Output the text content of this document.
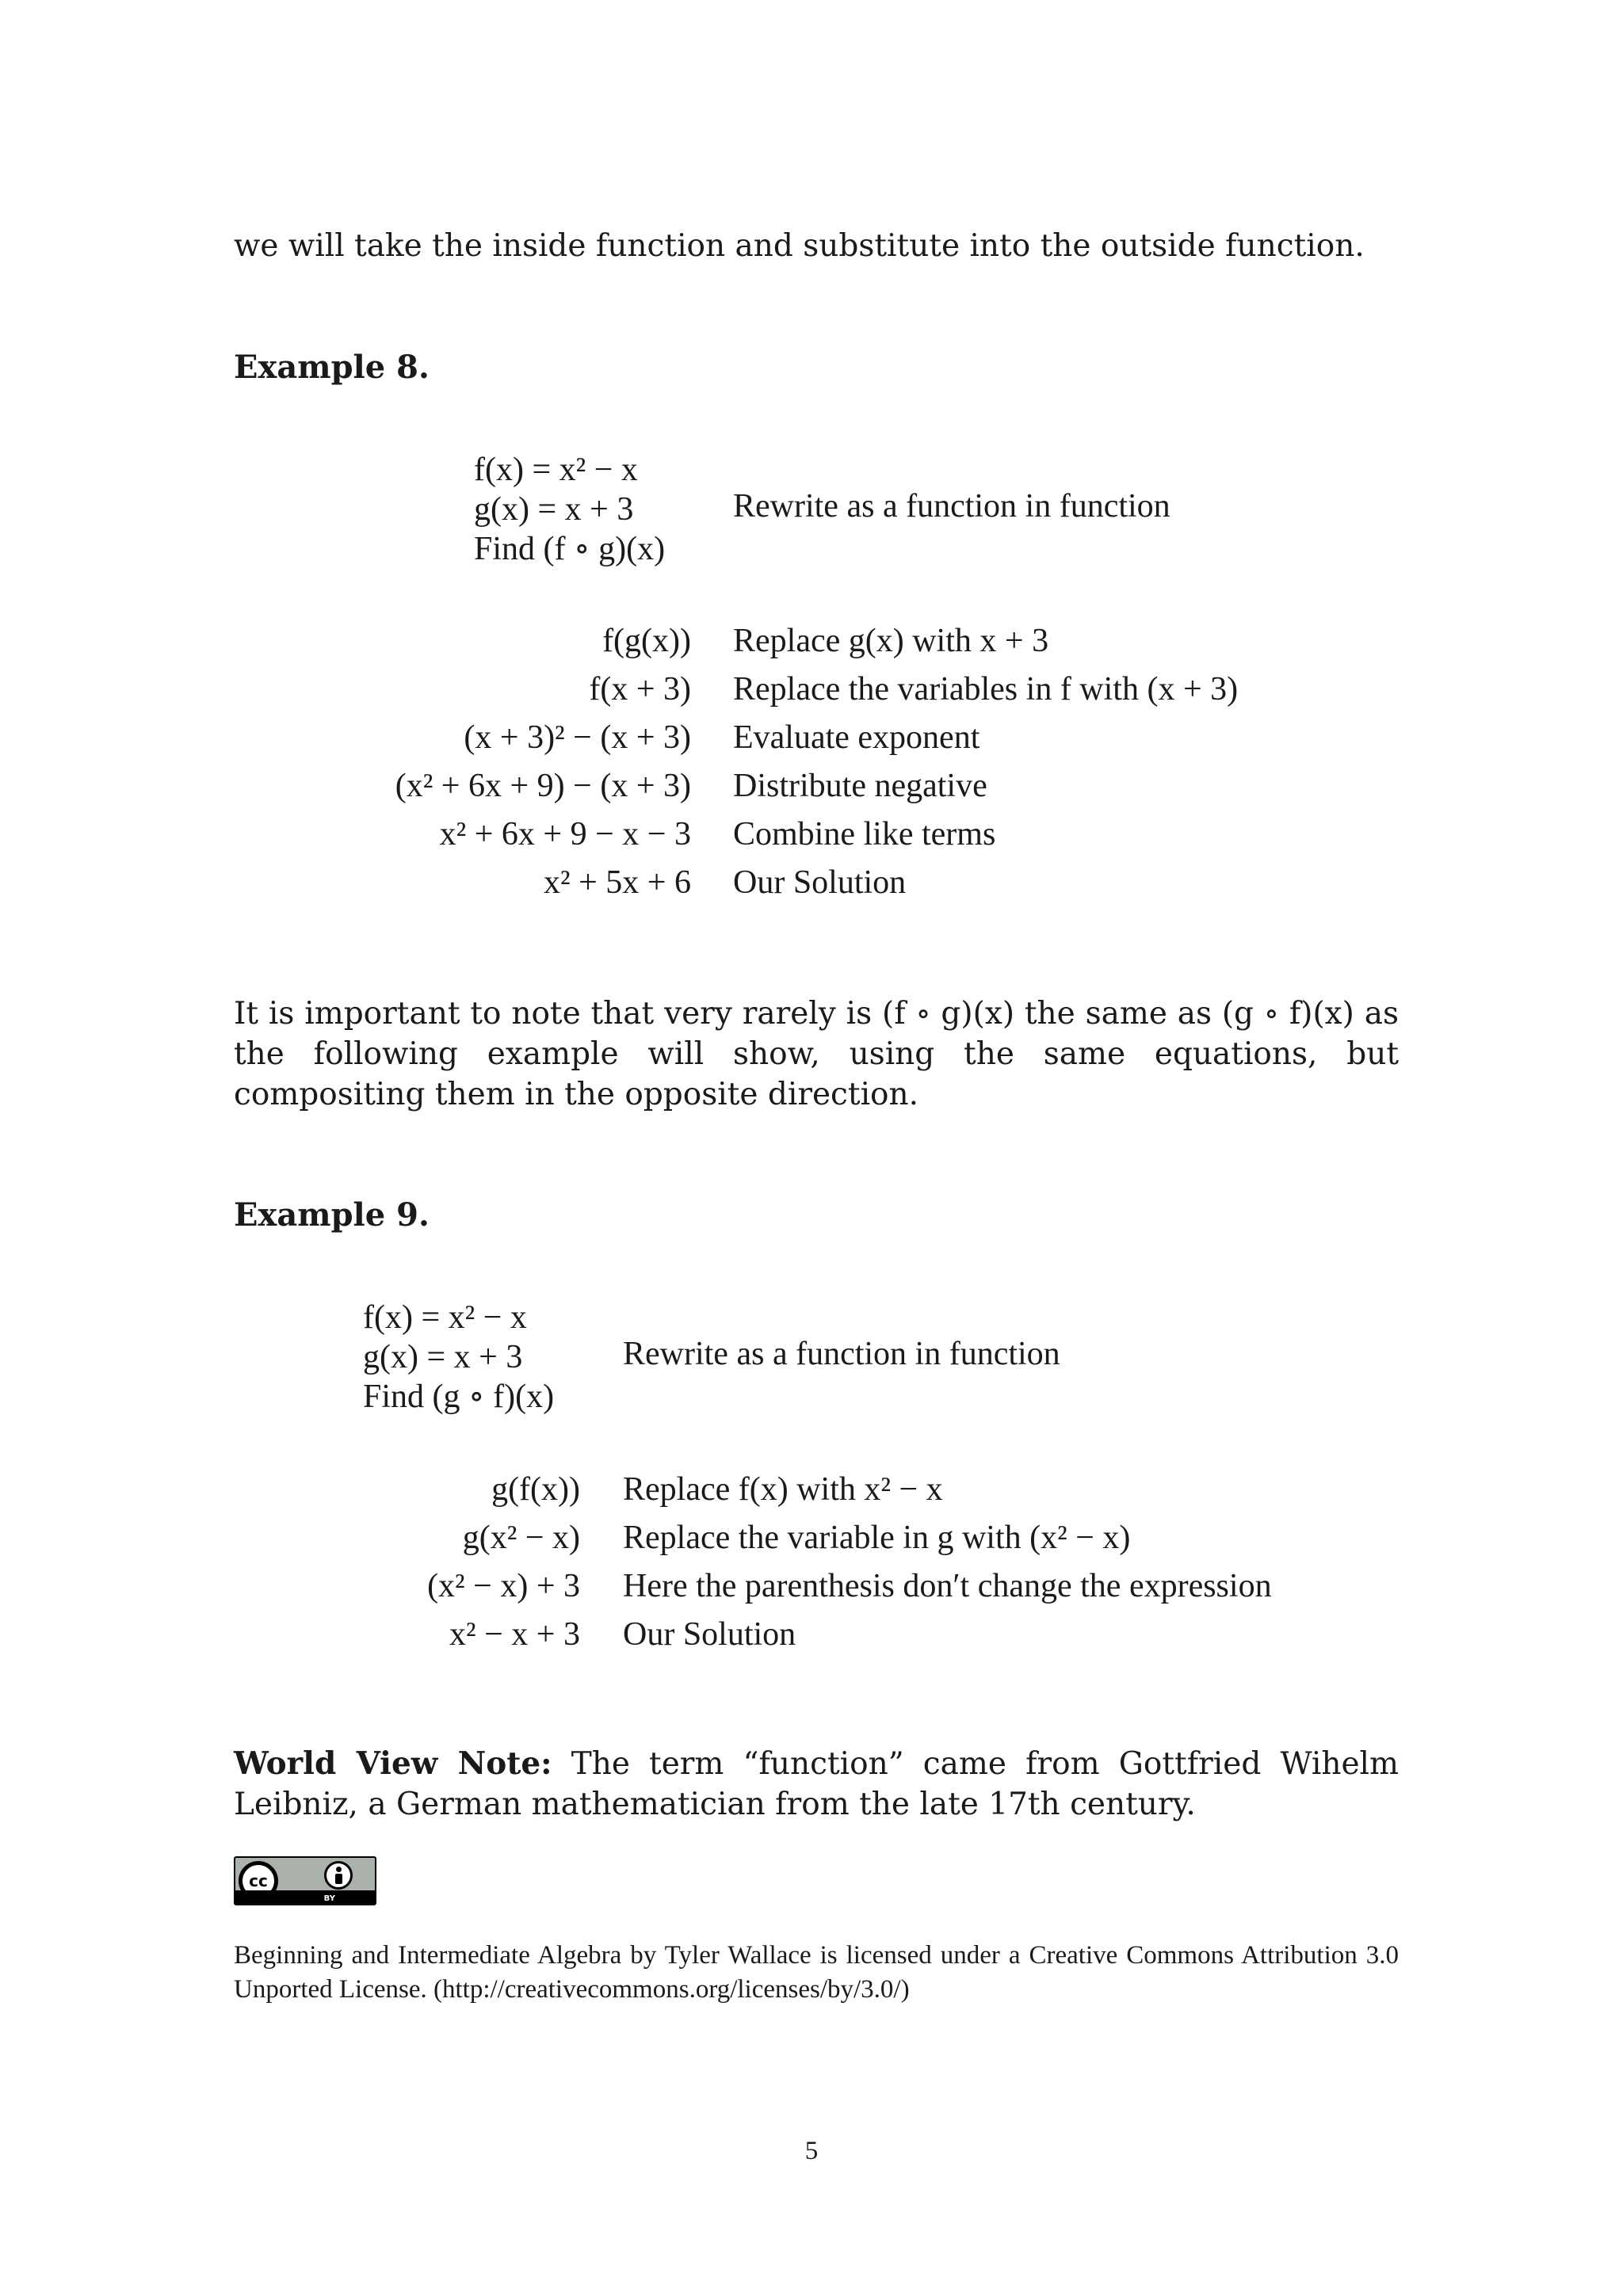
we will take the inside function and substitute into the outside function.

Example 8.

f(x) = x² − x
g(x) = x + 3
Find (f ∘ g)(x)
Rewrite as a function in function
f(g(x)) Replace g(x) with x + 3
f(x + 3) Replace the variables in f with (x + 3)
(x + 3)² − (x + 3) Evaluate exponent
(x² + 6x + 9) − (x + 3) Distribute negative
x² + 6x + 9 − x − 3 Combine like terms
x² + 5x + 6 Our Solution

It is important to note that very rarely is (f ∘ g)(x) the same as (g ∘ f)(x) as the following example will show, using the same equations, but compositing them in the opposite direction.

Example 9.

f(x) = x² − x
g(x) = x + 3
Find (g ∘ f)(x)
Rewrite as a function in function
g(f(x)) Replace f(x) with x² − x
g(x² − x) Replace the variable in g with (x² − x)
(x² − x) + 3 Here the parenthesis don′t change the expression
x² − x + 3 Our Solution

World View Note: The term “function” came from Gottfried Wihelm Leibniz, a German mathematician from the late 17th century.

cc
BY

Beginning and Intermediate Algebra by Tyler Wallace is licensed under a Creative Commons Attribution 3.0 Unported License. (http://creativecommons.org/licenses/by/3.0/)

5
